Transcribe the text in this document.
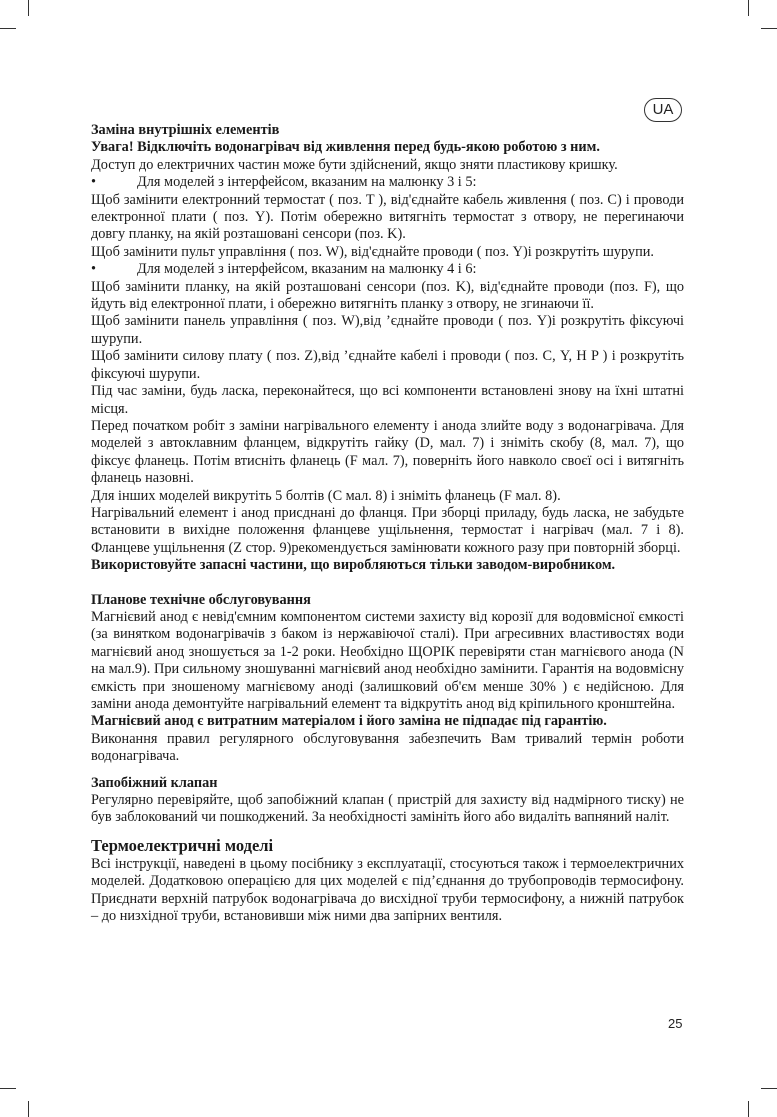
UA

Заміна внутрішніх елементів

Увага! Відключіть водонагрівач від живлення перед будь-якою роботою з ним.

Доступ до електричних частин може бути здійснений, якщо зняти пластикову кришку.

•	Для моделей з інтерфейсом, вказаним на малюнку 3 і 5:

Щоб замінити електронний термостат ( поз. T ), від'єднайте кабель живлення ( поз. С) і проводи електронної плати ( поз. Y). Потім обережно витягніть термостат з отвору, не перегинаючи довгу планку, на якій розташовані сенсори (поз. K).

Щоб замінити пульт управління ( поз. W), від'єднайте проводи ( поз. Y)і розкрутіть шурупи.

•	Для моделей з інтерфейсом, вказаним на малюнку 4 і 6:

Щоб замінити планку, на якій розташовані сенсори (поз. K), від'єднайте проводи (поз. F), що йдуть від електронної плати, і обережно витягніть планку з отвору, не згинаючи її.

Щоб замінити панель управління ( поз. W),від ’єднайте проводи ( поз. Y)і розкрутіть фіксуючі шурупи.

Щоб замінити силову плату ( поз. Z),від ’єднайте кабелі і проводи ( поз. С, Y, H P ) і розкрутіть фіксуючі шурупи.

Під час заміни, будь ласка, переконайтеся, що всі компоненти встановлені знову на їхні штатні місця.

Перед початком робіт з заміни нагрівального елементу і анода злийте воду з водонагрівача. Для моделей з автоклавним фланцем, відкрутіть гайку (D, мал. 7) і зніміть скобу (8, мал. 7), що фіксує фланець. Потім втисніть фланець (F мал. 7), поверніть його навколо своєї осі і витягніть фланець назовні.

Для інших моделей викрутіть 5 болтів (C мал. 8) і зніміть фланець (F мал. 8).

Нагрівальний елемент і анод присднані до фланця. При зборці приладу, будь ласка, не забудьте встановити в вихідне положення фланцеве ущільнення, термостат і нагрівач (мал. 7 і 8). Фланцеве ущільнення (Z стор. 9)рекомендується замінювати кожного разу при повторній зборці.

Використовуйте запасні частини, що виробляються тільки заводом-виробником.

Планове технічне обслуговування

Магнієвий анод є невід'ємним компонентом системи захисту від корозії для водовмісної ємкості (за винятком водонагрівачів з баком із нержавіючої сталі). При агресивних властивостях води магнієвий анод зношується за 1-2 роки. Необхідно ЩОРІК перевіряти стан магнієвого анода (N на мал.9). При сильному зношуванні магнієвий анод необхідно замінити. Гарантія на водовмісну ємкість при зношеному магнієвому аноді (залишковий об'єм менше 30% ) є недійсною. Для заміни анода демонтуйте нагрівальний елемент та відкрутіть анод від кріпильного кронштейна.

Магнієвий анод є витратним матеріалом і його заміна не підпадає під гарантію.

Виконання правил регулярного обслуговування забезпечить Вам тривалий термін роботи водонагрівача.

Запобіжний клапан

Регулярно перевіряйте, щоб запобіжний клапан ( пристрій для захисту від надмірного тиску) не був заблокований чи пошкоджений. За необхідності замініть його або видаліть вапняний наліт.

Термоелектричні моделі

Всі інструкції, наведені в цьому посібнику з експлуатації, стосуються також і термоелектричних моделей. Додатковою операцією для цих моделей є під’єднання до трубопроводів термосифону. Приєднати верхній патрубок водонагрівача до висхідної труби термосифону, а нижній патрубок – до низхідної труби, встановивши між ними два запірних вентиля.

25
